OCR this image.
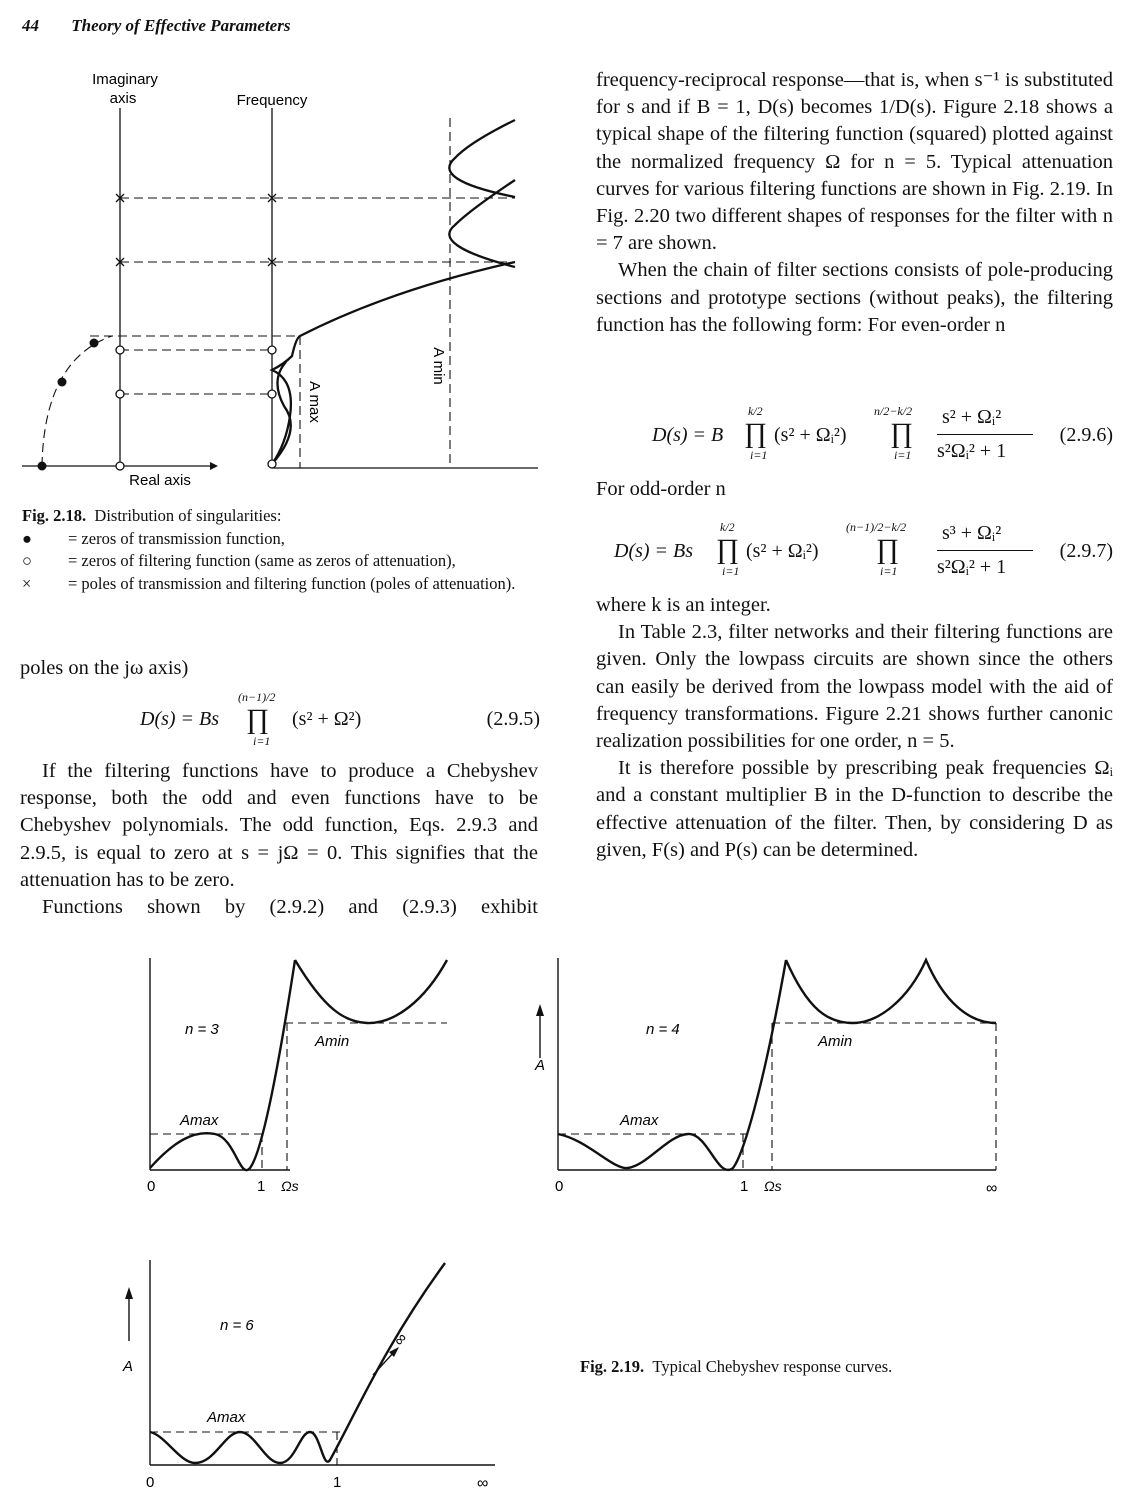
44 Theory of Effective Parameters
Imaginary
axis	Frequency
Real axis
A max
A min
Fig. 2.18. Distribution of singularities:
●	= zeros of transmission function,
○	= zeros of filtering function (same as zeros of attenuation),
×	= poles of transmission and filtering function (poles of attenuation).

poles on the jω axis)

D(s) = Bs
(n−1)/2
∏
i=1
(s² + Ω²)	(2.9.5)

If the filtering functions have to produce a Chebyshev response, both the odd and even functions have to be Chebyshev polynomials. The odd function, Eqs. 2.9.3 and 2.9.5, is equal to zero at s = jΩ = 0. This signifies that the attenuation has to be zero.

Functions shown by (2.9.2) and (2.9.3) exhibit

frequency-reciprocal response—that is, when s⁻¹ is substituted for s and if B = 1, D(s) becomes 1/D(s). Figure 2.18 shows a typical shape of the filtering function (squared) plotted against the normalized frequency Ω for n = 5. Typical attenuation curves for various filtering functions are shown in Fig. 2.19. In Fig. 2.20 two different shapes of responses for the filter with n = 7 are shown.

When the chain of filter sections consists of pole-producing sections and prototype sections (without peaks), the filtering function has the following form: For even-order n

D(s) = B
k/2
∏
i=1
(s² + Ωᵢ²)
n/2−k/2
∏
i=1
s² + Ωᵢ²
s²Ωᵢ² + 1
(2.9.6)

For odd-order n

D(s) = Bs
k/2
∏
i=1
(s² + Ωᵢ²)
(n−1)/2−k/2
∏
i=1
s³ + Ωᵢ²
s²Ωᵢ² + 1
(2.9.7)

where k is an integer.

In Table 2.3, filter networks and their filtering functions are given. Only the lowpass circuits are shown since the others can easily be derived from the lowpass model with the aid of frequency transformations. Figure 2.21 shows further canonic realization possibilities for one order, n = 5.

It is therefore possible by prescribing peak frequencies Ωᵢ and a constant multiplier B in the D-function to describe the effective attenuation of the filter. Then, by considering D as given, F(s) and P(s) can be determined.

n = 3
Amax
Amin
0	1 Ωs
A
n = 4
Amax
Amin
0	1 Ωs	∞
A
n = 6
Amax
0	1	∞
∞
Fig. 2.19. Typical Chebyshev response curves.
